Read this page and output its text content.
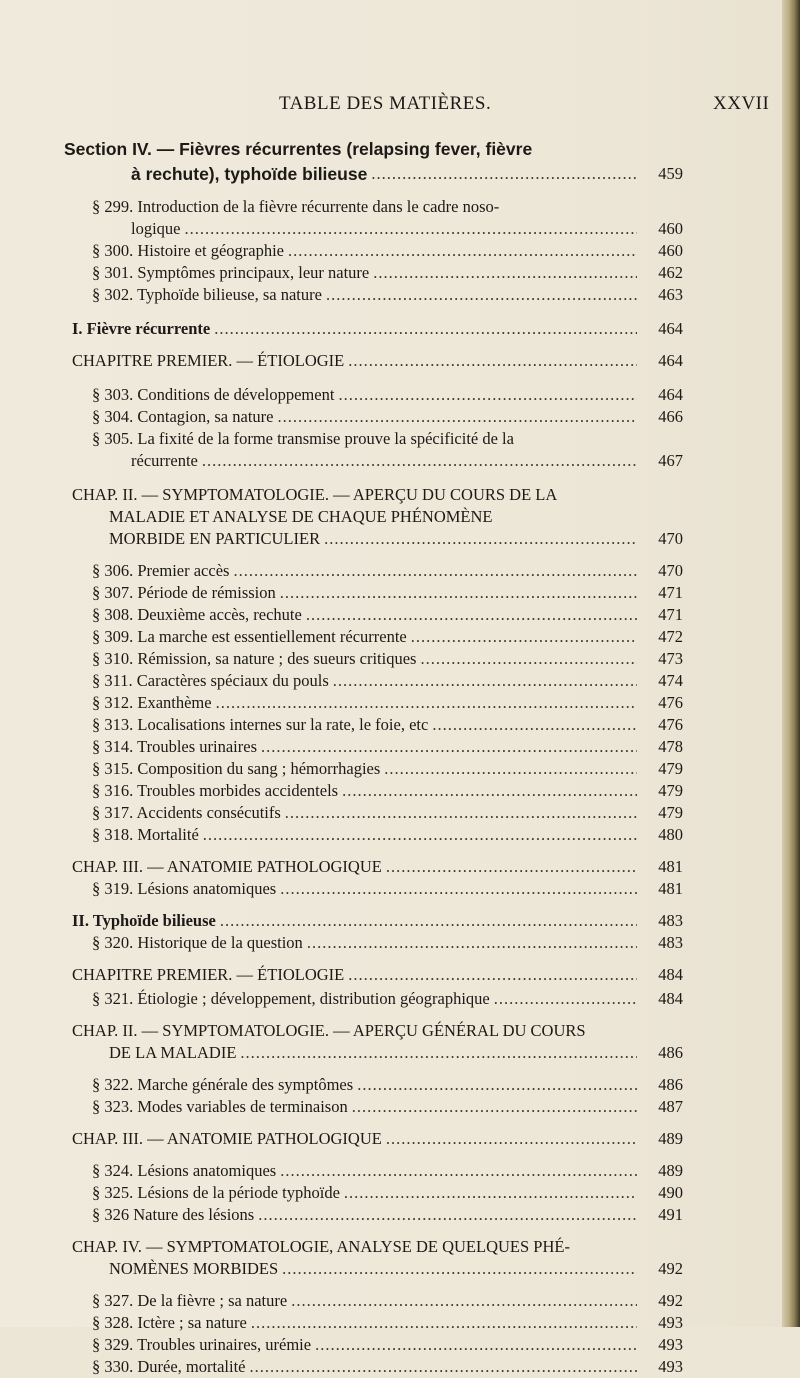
TABLE DES MATIÈRES.	XXVII
Section IV. — Fièvres récurrentes (relapsing fever, fièvre
à rechute), typhoïde bilieuse .....	459
§ 299. Introduction de la fièvre récurrente dans le cadre noso-
logique .....	460
§ 300. Histoire et géographie .....	460
§ 301. Symptômes principaux, leur nature .....	462
§ 302. Typhoïde bilieuse, sa nature .....	463
I. Fièvre récurrente .....	464
CHAPITRE PREMIER. — ÉTIOLOGIE .....	464
§ 303. Conditions de développement .....	464
§ 304. Contagion, sa nature .....	466
§ 305. La fixité de la forme transmise prouve la spécificité de la
récurrente .....	467
CHAP. II. — SYMPTOMATOLOGIE. — APERÇU DU COURS DE LA
MALADIE ET ANALYSE DE CHAQUE PHÉNOMÈNE
MORBIDE EN PARTICULIER .....	470
§ 306. Premier accès .....	470
§ 307. Période de rémission .....	471
§ 308. Deuxième accès, rechute .....	471
§ 309. La marche est essentiellement récurrente .....	472
§ 310. Rémission, sa nature ; des sueurs critiques .....	473
§ 311. Caractères spéciaux du pouls .....	474
§ 312. Exanthème .....	476
§ 313. Localisations internes sur la rate, le foie, etc .....	476
§ 314. Troubles urinaires .....	478
§ 315. Composition du sang ; hémorrhagies .....	479
§ 316. Troubles morbides accidentels .....	479
§ 317. Accidents consécutifs .....	479
§ 318. Mortalité .....	480
CHAP. III. — ANATOMIE PATHOLOGIQUE .....	481
§ 319. Lésions anatomiques .....	481
II. Typhoïde bilieuse .....	483
§ 320. Historique de la question .....	483
CHAPITRE PREMIER. — ÉTIOLOGIE .....	484
§ 321. Étiologie ; développement, distribution géographique .....	484
CHAP. II. — SYMPTOMATOLOGIE. — APERÇU GÉNÉRAL DU COURS
DE LA MALADIE .....	486
§ 322. Marche générale des symptômes .....	486
§ 323. Modes variables de terminaison .....	487
CHAP. III. — ANATOMIE PATHOLOGIQUE .....	489
§ 324. Lésions anatomiques .....	489
§ 325. Lésions de la période typhoïde .....	490
§ 326 Nature des lésions .....	491
CHAP. IV. — SYMPTOMATOLOGIE, ANALYSE DE QUELQUES PHÉ-
NOMÈNES MORBIDES .....	492
§ 327. De la fièvre ; sa nature .....	492
§ 328. Ictère ; sa nature .....	493
§ 329. Troubles urinaires, urémie .....	493
§ 330. Durée, mortalité .....	493
